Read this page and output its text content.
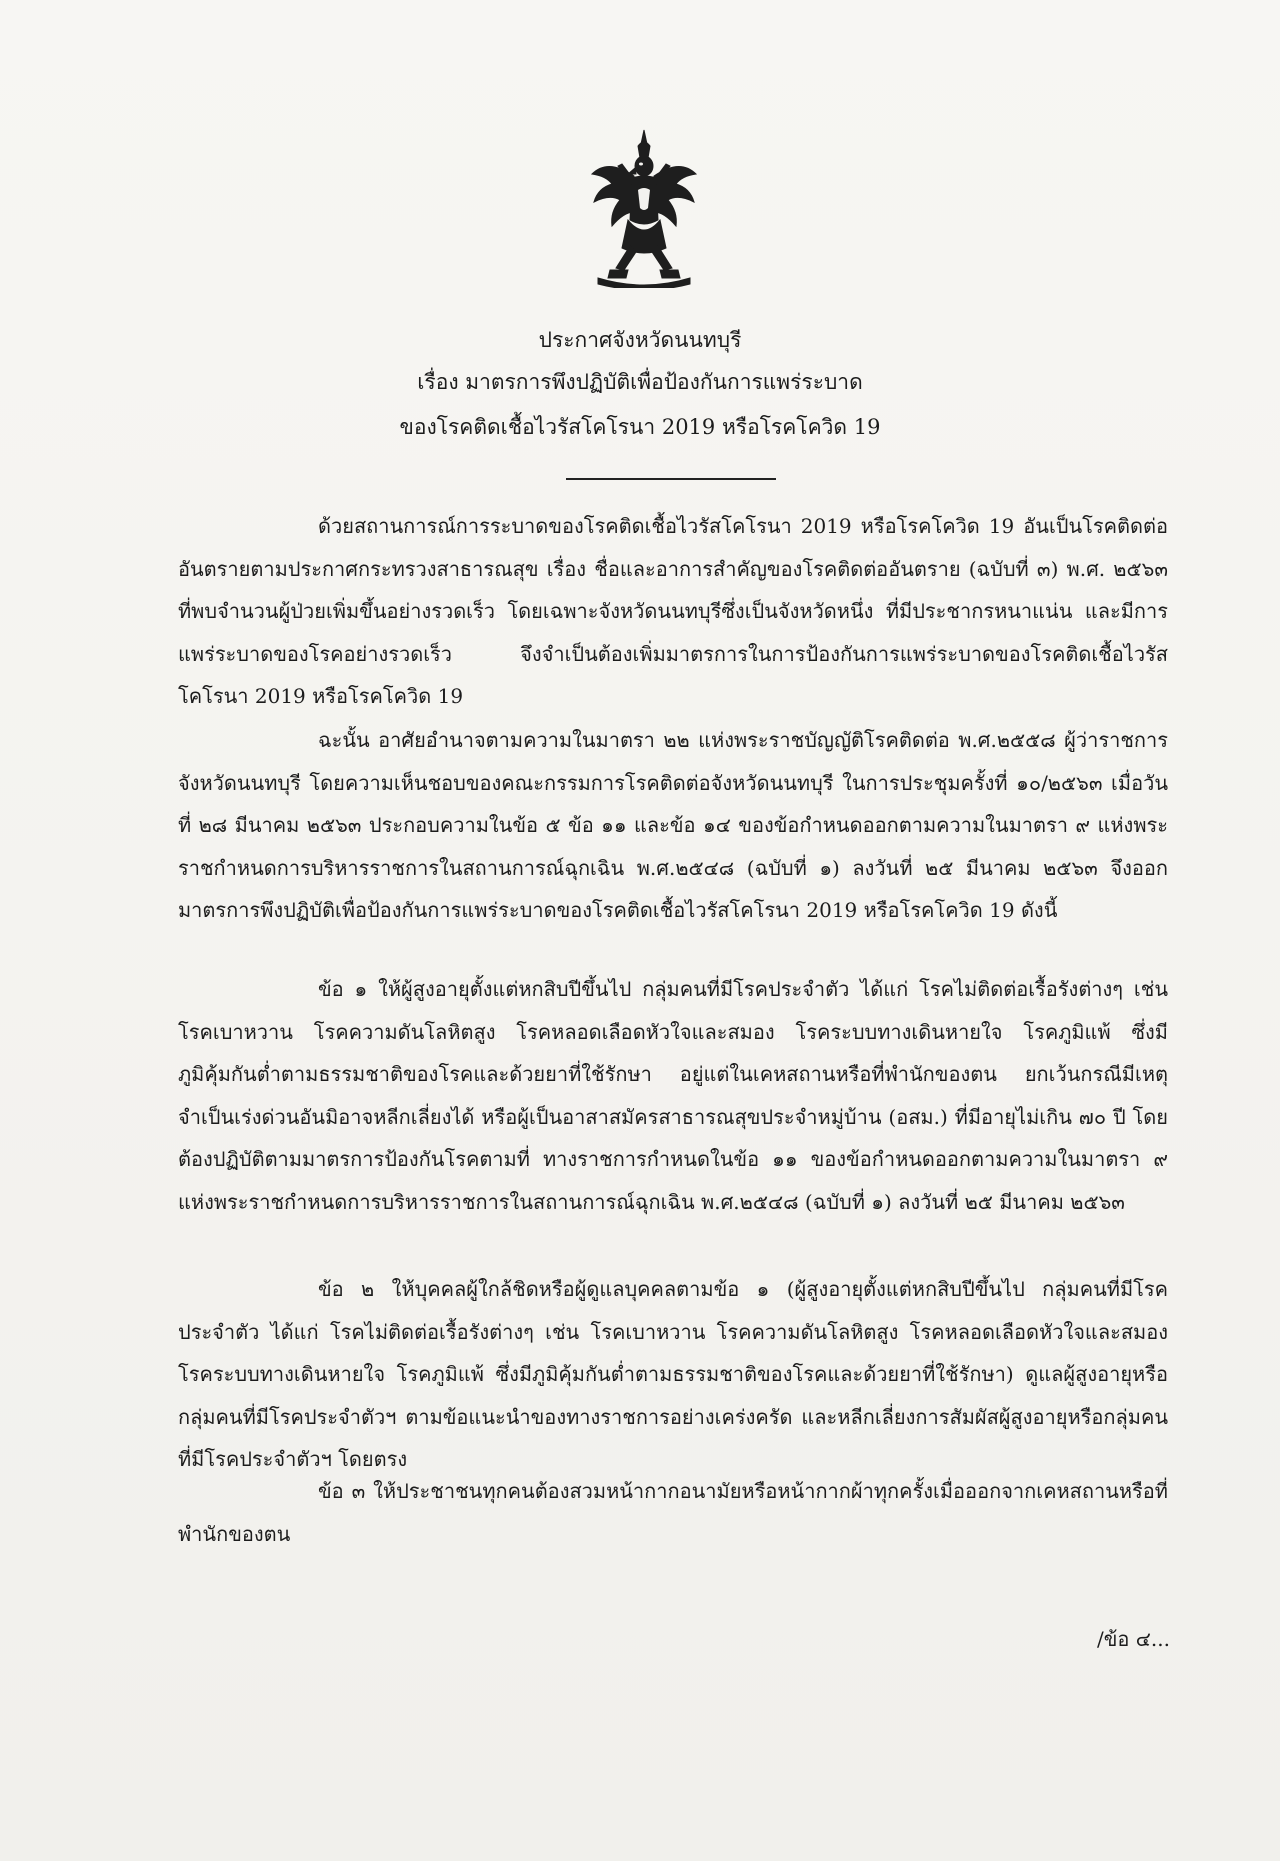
ประกาศจังหวัดนนทบุรี
เรื่อง มาตรการพึงปฏิบัติเพื่อป้องกันการแพร่ระบาด
ของโรคติดเชื้อไวรัสโคโรนา 2019 หรือโรคโควิด 19

ด้วยสถานการณ์การระบาดของโรคติดเชื้อไวรัสโคโรนา 2019 หรือโรคโควิด 19 อันเป็นโรคติดต่ออันตรายตามประกาศกระทรวงสาธารณสุข เรื่อง ชื่อและอาการสำคัญของโรคติดต่ออันตราย (ฉบับที่ ๓) พ.ศ. ๒๕๖๓ ที่พบจำนวนผู้ป่วยเพิ่มขึ้นอย่างรวดเร็ว โดยเฉพาะจังหวัดนนทบุรีซึ่งเป็นจังหวัดหนึ่ง ที่มีประชากรหนาแน่น และมีการแพร่ระบาดของโรคอย่างรวดเร็ว จึงจำเป็นต้องเพิ่มมาตรการในการป้องกันการแพร่ระบาดของโรคติดเชื้อไวรัสโคโรนา 2019 หรือโรคโควิด 19

ฉะนั้น อาศัยอำนาจตามความในมาตรา ๒๒ แห่งพระราชบัญญัติโรคติดต่อ พ.ศ.๒๕๕๘ ผู้ว่าราชการจังหวัดนนทบุรี โดยความเห็นชอบของคณะกรรมการโรคติดต่อจังหวัดนนทบุรี ในการประชุมครั้งที่ ๑๐/๒๕๖๓ เมื่อวันที่ ๒๘ มีนาคม ๒๕๖๓ ประกอบความในข้อ ๕ ข้อ ๑๑ และข้อ ๑๔ ของข้อกำหนดออกตามความในมาตรา ๙ แห่งพระราชกำหนดการบริหารราชการในสถานการณ์ฉุกเฉิน พ.ศ.๒๕๔๘ (ฉบับที่ ๑) ลงวันที่ ๒๕ มีนาคม ๒๕๖๓ จึงออกมาตรการพึงปฏิบัติเพื่อป้องกันการแพร่ระบาดของโรคติดเชื้อไวรัสโคโรนา 2019 หรือโรคโควิด 19 ดังนี้

ข้อ ๑ ให้ผู้สูงอายุตั้งแต่หกสิบปีขึ้นไป กลุ่มคนที่มีโรคประจำตัว ได้แก่ โรคไม่ติดต่อเรื้อรังต่างๆ เช่น โรคเบาหวาน โรคความดันโลหิตสูง โรคหลอดเลือดหัวใจและสมอง โรคระบบทางเดินหายใจ โรคภูมิแพ้ ซึ่งมีภูมิคุ้มกันต่ำตามธรรมชาติของโรคและด้วยยาที่ใช้รักษา อยู่แต่ในเคหสถานหรือที่พำนักของตน ยกเว้นกรณีมีเหตุจำเป็นเร่งด่วนอันมิอาจหลีกเลี่ยงได้ หรือผู้เป็นอาสาสมัครสาธารณสุขประจำหมู่บ้าน (อสม.) ที่มีอายุไม่เกิน ๗๐ ปี โดยต้องปฏิบัติตามมาตรการป้องกันโรคตามที่ ทางราชการกำหนดในข้อ ๑๑ ของข้อกำหนดออกตามความในมาตรา ๙ แห่งพระราชกำหนดการบริหารราชการในสถานการณ์ฉุกเฉิน พ.ศ.๒๕๔๘ (ฉบับที่ ๑) ลงวันที่ ๒๕ มีนาคม ๒๕๖๓

ข้อ ๒ ให้บุคคลผู้ใกล้ชิดหรือผู้ดูแลบุคคลตามข้อ ๑ (ผู้สูงอายุตั้งแต่หกสิบปีขึ้นไป กลุ่มคนที่มีโรคประจำตัว ได้แก่ โรคไม่ติดต่อเรื้อรังต่างๆ เช่น โรคเบาหวาน โรคความดันโลหิตสูง โรคหลอดเลือดหัวใจและสมอง โรคระบบทางเดินหายใจ โรคภูมิแพ้ ซึ่งมีภูมิคุ้มกันต่ำตามธรรมชาติของโรคและด้วยยาที่ใช้รักษา) ดูแลผู้สูงอายุหรือกลุ่มคนที่มีโรคประจำตัวฯ ตามข้อแนะนำของทางราชการอย่างเคร่งครัด และหลีกเลี่ยงการสัมผัสผู้สูงอายุหรือกลุ่มคนที่มีโรคประจำตัวฯ โดยตรง

ข้อ ๓ ให้ประชาชนทุกคนต้องสวมหน้ากากอนามัยหรือหน้ากากผ้าทุกครั้งเมื่อออกจากเคหสถานหรือที่พำนักของตน

/ข้อ ๔...
